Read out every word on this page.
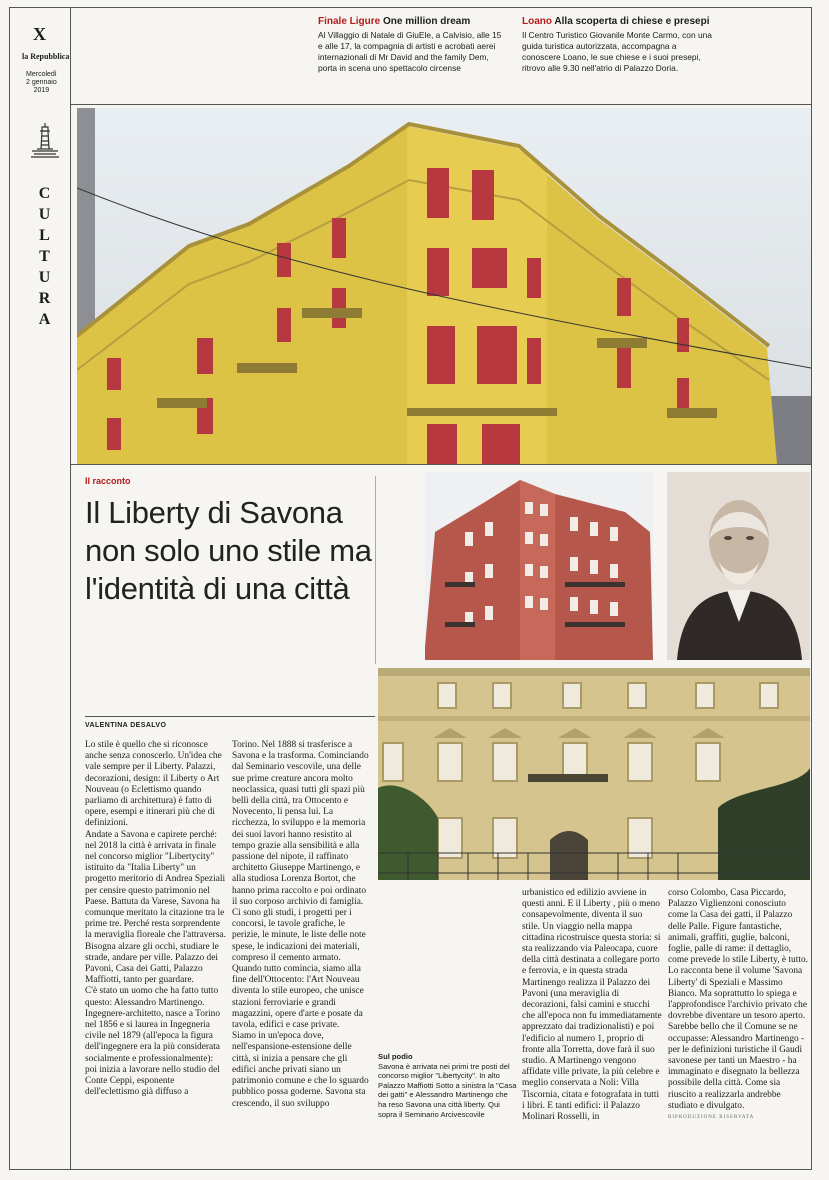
X
la Repubblica
Mercoledì
2 gennaio
2019
C
U
L
T
U
R
A
Finale Ligure One million dream
Al Villaggio di Natale di GiuEle, a Calvisio, alle 15 e alle 17, la compagnia di artisti e acrobati aerei internazionali di Mr David and the family Dem, porta in scena uno spettacolo circense
Loano Alla scoperta di chiese e presepi
Il Centro Turistico Giovanile Monte Carmo, con una guida turistica autorizzata, accompagna a conoscere Loano, le sue chiese e i suoi presepi, ritrovo alle 9.30 nell'atrio di Palazzo Doria.
Il racconto
Il Liberty di Savona non solo uno stile ma l'identità di una città
VALENTINA DESALVO

Lo stile è quello che si riconosce anche senza conoscerlo. Un'idea che vale sempre per il Liberty. Palazzi, decorazioni, design: il Liberty o Art Nouveau (o Eclettismo quando parliamo di architettura) è fatto di opere, esempi e itinerari più che di definizioni.

Andate a Savona e capirete perché: nel 2018 la città è arrivata in finale nel concorso miglior "Libertycity" istituito da "Italia Liberty" un progetto meritorio di Andrea Speziali per censire questo patrimonio nel Paese. Battuta da Varese, Savona ha comunque meritato la citazione tra le prime tre. Perché resta sorprendente la meraviglia floreale che l'attraversa. Bisogna alzare gli occhi, studiare le strade, andare per ville. Palazzo dei Pavoni, Casa dei Gatti, Palazzo Maffiotti, tanto per guardare.

C'è stato un uomo che ha fatto tutto questo: Alessandro Martinengo.

Ingegnere-architetto, nasce a Torino nel 1856 e si laurea in Ingegneria civile nel 1879 (all'epoca la figura dell'ingegnere era la più considerata socialmente e professionalmente): poi inizia a lavorare nello studio del Conte Ceppi, esponente dell'eclettismo già diffuso a

Torino. Nel 1888 si trasferisce a Savona e la trasforma. Cominciando dal Seminario vescovile, una delle sue prime creature ancora molto neoclassica, quasi tutti gli spazi più belli della città, tra Ottocento e Novecento, li pensa lui. La ricchezza, lo sviluppo e la memoria dei suoi lavori hanno resistito al tempo grazie alla sensibilità e alla passione del nipote, il raffinato architetto Giuseppe Martinengo, e alla studiosa Lorenza Bortot, che hanno prima raccolto e poi ordinato il suo corposo archivio di famiglia. Ci sono gli studi, i progetti per i concorsi, le tavole grafiche, le perizie, le minute, le liste delle note spese, le indicazioni dei materiali, compreso il cemento armato.

Quando tutto comincia, siamo alla fine dell'Ottocento: l'Art Nouveau diventa lo stile europeo, che unisce stazioni ferroviarie e grandi magazzini, opere d'arte e posate da tavola, edifici e case private.

Siamo in un'epoca dove, nell'espansione-estensione delle città, si inizia a pensare che gli edifici anche privati siano un patrimonio comune e che lo sguardo pubblico possa goderne. Savona sta crescendo, il suo sviluppo

Sul podio
Savona è arrivata nei primi tre posti del concorso miglior "Libertycity". In alto Palazzo Maffiotti Sotto a sinistra la "Casa dei gatti" e Alessandro Martinengo che ha reso Savona una città liberty. Qui sopra il Seminario Arcivescovile

urbanistico ed edilizio avviene in questi anni. E il Liberty , più o meno consapevolmente, diventa il suo stile. Un viaggio nella mappa cittadina ricostruisce questa storia: si sta realizzando via Paleocapa, cuore della città destinata a collegare porto e ferrovia, e in questa strada Martinengo realizza il Palazzo dei Pavoni (una meraviglia di decorazioni, falsi camini e stucchi che all'epoca non fu immediatamente apprezzato dai tradizionalisti) e poi l'edificio al numero 1, proprio di fronte alla Torretta, dove farà il suo studio. A Martinengo vengono affidate ville private, la più celebre e meglio conservata a Noli: Villa Tiscornia, citata e fotografata in tutti i libri. E tanti edifici: il Palazzo Molinari Rosselli, in

corso Colombo, Casa Piccardo, Palazzo Viglienzoni conosciuto come la Casa dei gatti, il Palazzo delle Palle. Figure fantastiche, animali, graffiti, guglie, balconi, foglie, palle di rame: il dettaglio, come prevede lo stile Liberty, è tutto. Lo racconta bene il volume 'Savona Liberty' di Speziali e Massimo Bianco. Ma soprattutto lo spiega e l'approfondisce l'archivio privato che dovrebbe diventare un tesoro aperto. Sarebbe bello che il Comune se ne occupasse: Alessandro Martinengo - per le definizioni turistiche il Gaudì savonese per tanti un Maestro - ha immaginato e disegnato la bellezza possibile della città. Come sia riuscito a realizzarla andrebbe studiato e divulgato.

RIPRODUZIONE RISERVATA
